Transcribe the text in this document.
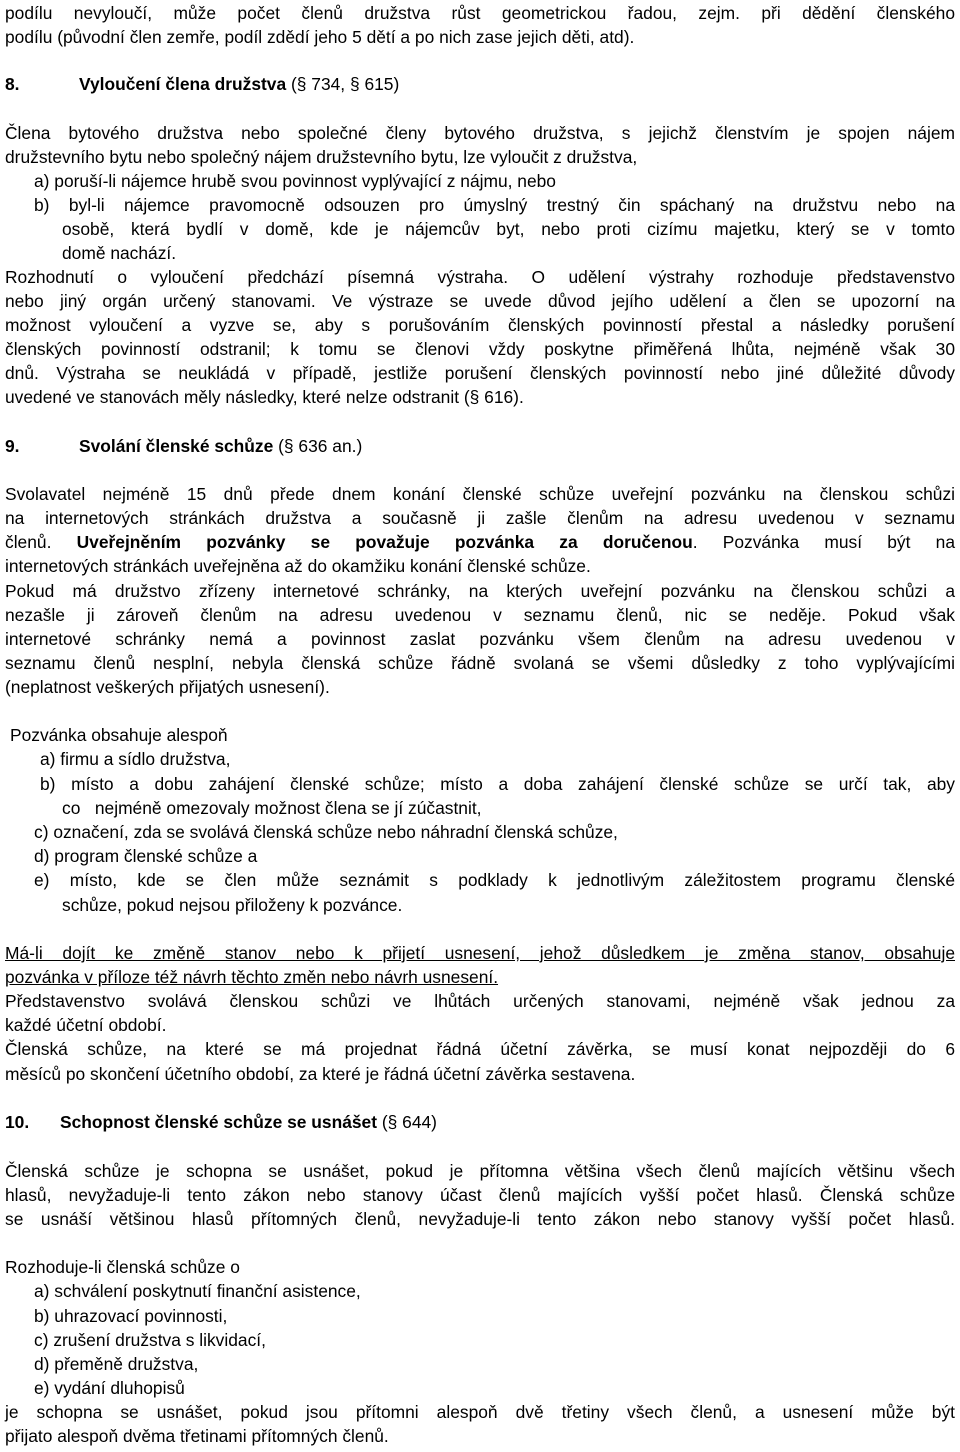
podílu nevyloučí, může počet členů družstva růst geometrickou řadou, zejm. při dědění členského
podílu (původní člen zemře, podíl zdědí jeho 5 dětí a po nich zase jejich děti, atd).
8.	Vyloučení člena družstva (§ 734, § 615)
Člena bytového družstva nebo společné členy bytového družstva, s jejichž členstvím je spojen nájem
družstevního bytu nebo společný nájem družstevního bytu, lze vyloučit z družstva,
a) poruší-li nájemce hrubě svou povinnost vyplývající z nájmu, nebo
b) byl-li nájemce pravomocně odsouzen pro úmyslný trestný čin spáchaný na družstvu nebo na
osobě, která bydlí v domě, kde je nájemcův byt, nebo proti cizímu majetku, který se v tomto
domě nachází.
Rozhodnutí o vyloučení předchází písemná výstraha. O udělení výstrahy rozhoduje představenstvo
nebo jiný orgán určený stanovami. Ve výstraze se uvede důvod jejího udělení a člen se upozorní na
možnost vyloučení a vyzve se, aby s porušováním členských povinností přestal a následky porušení
členských povinností odstranil; k tomu se členovi vždy poskytne přiměřená lhůta, nejméně však 30
dnů. Výstraha se neukládá v případě, jestliže porušení členských povinností nebo jiné důležité důvody
uvedené ve stanovách měly následky, které nelze odstranit (§ 616).
9.	Svolání členské schůze (§ 636 an.)
Svolavatel nejméně 15 dnů přede dnem konání členské schůze uveřejní pozvánku na členskou schůzi
na internetových stránkách družstva a současně ji zašle členům na adresu uvedenou v seznamu
členů. Uveřejněním pozvánky se považuje pozvánka za doručenou. Pozvánka musí být na
internetových stránkách uveřejněna až do okamžiku konání členské schůze.
Pokud má družstvo zřízeny internetové schránky, na kterých uveřejní pozvánku na členskou schůzi a
nezašle ji zároveň členům na adresu uvedenou v seznamu členů, nic se neděje. Pokud však
internetové schránky nemá a povinnost zaslat pozvánku všem členům na adresu uvedenou v
seznamu členů nesplní, nebyla členská schůze řádně svolaná se všemi důsledky z toho vyplývajícími
(neplatnost veškerých přijatých usnesení).
Pozvánka obsahuje alespoň
a) firmu a sídlo družstva,
b) místo a dobu zahájení členské schůze; místo a doba zahájení členské schůze se určí tak, aby
co   nejméně omezovaly možnost člena se jí zúčastnit,
c) označení, zda se svolává členská schůze nebo náhradní členská schůze,
d) program členské schůze a
e) místo, kde se člen může seznámit s podklady k jednotlivým záležitostem programu členské
schůze, pokud nejsou přiloženy k pozvánce.
Má-li dojít ke změně stanov nebo k přijetí usnesení, jehož důsledkem je změna stanov, obsahuje
pozvánka v příloze též návrh těchto změn nebo návrh usnesení.
Představenstvo svolává členskou schůzi ve lhůtách určených stanovami, nejméně však jednou za
každé účetní období.
Členská schůze, na které se má projednat řádná účetní závěrka, se musí konat nejpozději do 6
měsíců po skončení účetního období, za které je řádná účetní závěrka sestavena.
10. Schopnost členské schůze se usnášet (§ 644)
Členská schůze je schopna se usnášet, pokud je přítomna většina všech členů majících většinu všech
hlasů, nevyžaduje-li tento zákon nebo stanovy účast členů majících vyšší počet hlasů. Členská schůze
se usnáší většinou hlasů přítomných členů, nevyžaduje-li tento zákon nebo stanovy vyšší počet hlasů.
Rozhoduje-li členská schůze o
a) schválení poskytnutí finanční asistence,
b) uhrazovací povinnosti,
c) zrušení družstva s likvidací,
d) přeměně družstva,
e) vydání dluhopisů
je schopna se usnášet, pokud jsou přítomni alespoň dvě třetiny všech členů, a usnesení může být
přijato alespoň dvěma třetinami přítomných členů.
